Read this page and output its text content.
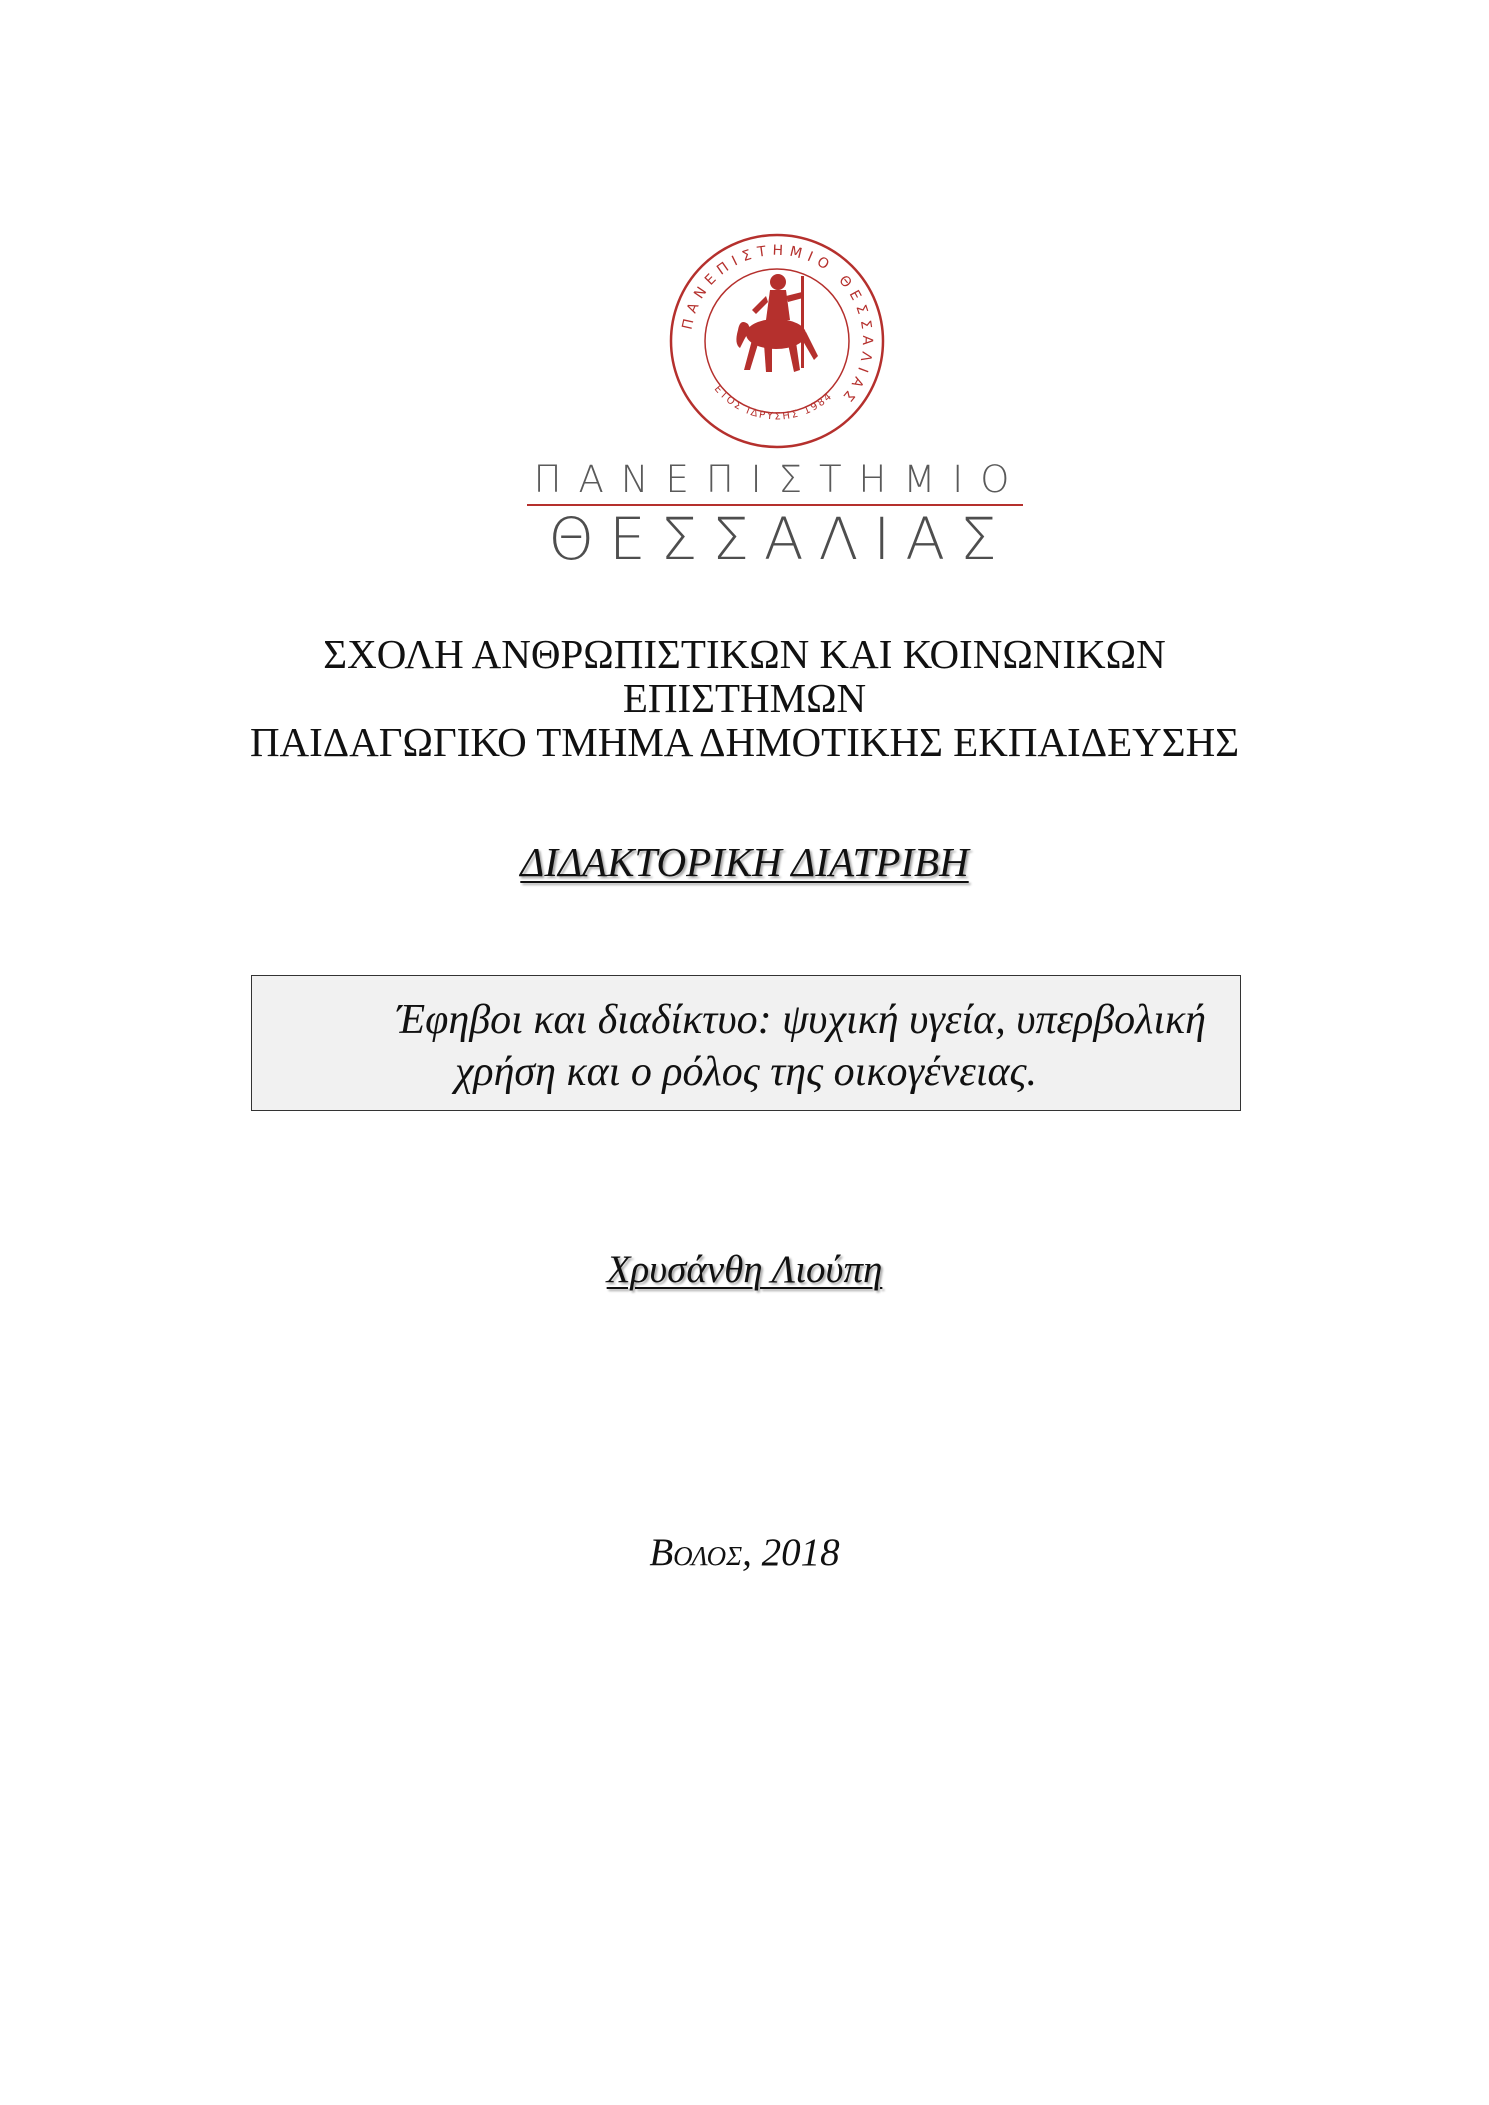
ΠΑΝΕΠΙΣΤΗΜΙΟ ΘΕΣΣΑΛΙΑΣ
ΕΤΟΣ ΙΔΡΥΣΗΣ 1984
ΠΑΝΕΠΙΣΤΗΜΙΟ
ΘΕΣΣΑΛΙΑΣ
ΣΧΟΛΗ ΑΝΘΡΩΠΙΣΤΙΚΩΝ ΚΑΙ ΚΟΙΝΩΝΙΚΩΝ
ΕΠΙΣΤΗΜΩΝ
ΠΑΙΔΑΓΩΓΙΚΟ ΤΜΗΜΑ ΔΗΜΟΤΙΚΗΣ ΕΚΠΑΙΔΕΥΣΗΣ
ΔΙΔΑΚΤΟΡΙΚΗ ΔΙΑΤΡΙΒΗ
Έφηβοι και διαδίκτυο: ψυχική υγεία, υπερβολική
χρήση και ο ρόλος της οικογένειας.
Χρυσάνθη Λιούπη
Βολος, 2018
